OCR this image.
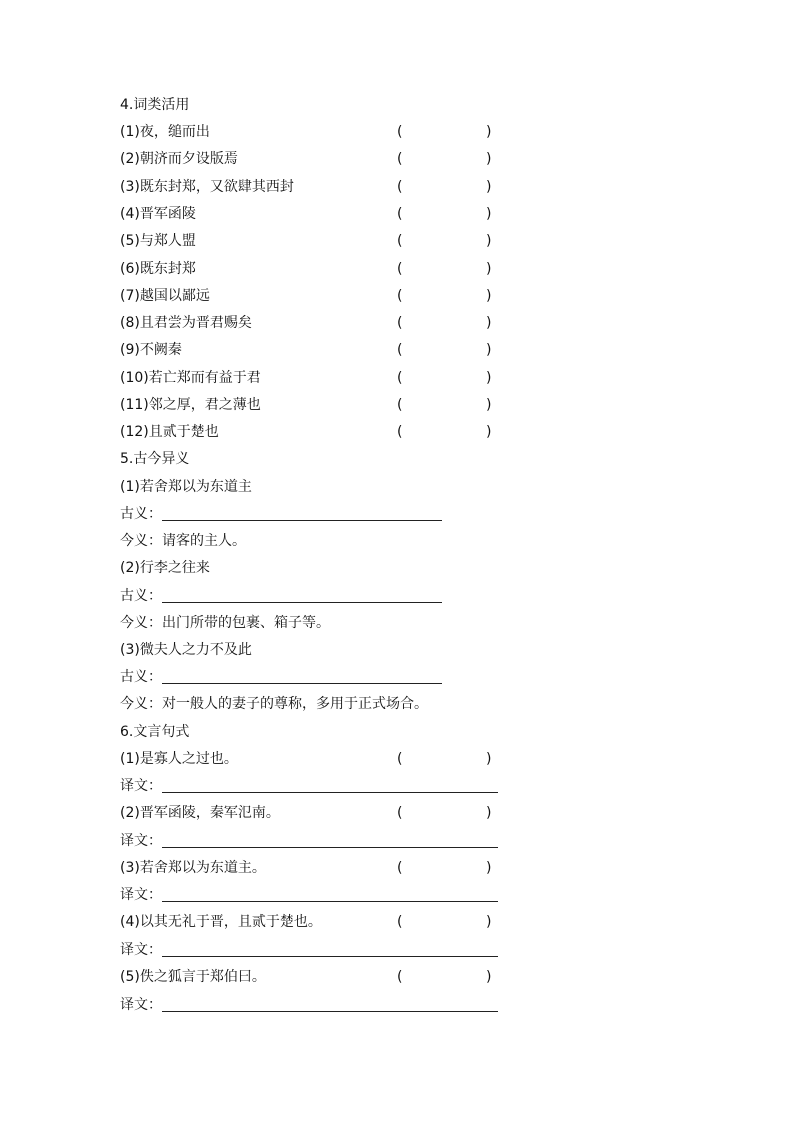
4.词类活用
(1)夜，缒而出	(	)
(2)朝济而夕设版焉	(	)
(3)既东封郑，又欲肆其西封	(	)
(4)晋军函陵	(	)
(5)与郑人盟	(	)
(6)既东封郑	(	)
(7)越国以鄙远	(	)
(8)且君尝为晋君赐矣	(	)
(9)不阙秦	(	)
(10)若亡郑而有益于君	(	)
(11)邻之厚，君之薄也	(	)
(12)且贰于楚也	(	)
5.古今异义
(1)若舍郑以为东道主
古义：
今义：请客的主人。
(2)行李之往来
古义：
今义：出门所带的包裹、箱子等。
(3)微夫人之力不及此
古义：
今义：对一般人的妻子的尊称，多用于正式场合。
6.文言句式
(1)是寡人之过也。	(	)
译文：
(2)晋军函陵，秦军氾南。	(	)
译文：
(3)若舍郑以为东道主。	(	)
译文：
(4)以其无礼于晋，且贰于楚也。	(	)
译文：
(5)佚之狐言于郑伯曰。	(	)
译文：
